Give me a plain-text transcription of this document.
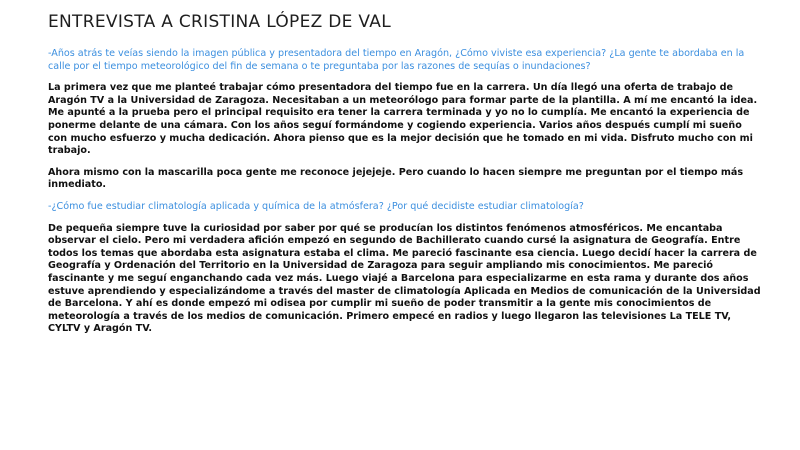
ENTREVISTA A CRISTINA LÓPEZ DE VAL

-Años atrás te veías siendo la imagen pública y presentadora del tiempo en Aragón, ¿Cómo viviste esa experiencia? ¿La gente te abordaba en la calle por el tiempo meteorológico del fin de semana o te preguntaba por las razones de sequías o inundaciones?

La primera vez que me planteé trabajar cómo presentadora del tiempo fue en la carrera. Un día llegó una oferta de trabajo de Aragón TV a la Universidad de Zaragoza. Necesitaban a un meteorólogo para formar parte de la plantilla. A mí me encantó la idea. Me apunté a la prueba pero el principal requisito era tener la carrera terminada y yo no lo cumplía. Me encantó la experiencia de ponerme delante de una cámara. Con los años seguí formándome y cogiendo experiencia. Varios años después cumplí mi sueño con mucho esfuerzo y mucha dedicación. Ahora pienso que es la mejor decisión que he tomado en mi vida. Disfruto mucho con mi trabajo.

Ahora mismo con la mascarilla poca gente me reconoce jejejeje. Pero cuando lo hacen siempre me preguntan por el tiempo más inmediato.

-¿Cómo fue estudiar climatología aplicada y química de la atmósfera? ¿Por qué decidiste estudiar climatología?

De pequeña siempre tuve la curiosidad por saber por qué se producían los distintos fenómenos atmosféricos. Me encantaba observar el cielo. Pero mi verdadera afición empezó en segundo de Bachillerato cuando cursé la asignatura de Geografía. Entre todos los temas que abordaba esta asignatura estaba el clima. Me pareció fascinante esa ciencia. Luego decidí hacer la carrera de Geografía y Ordenación del Territorio en la Universidad de Zaragoza para seguir ampliando mis conocimientos. Me pareció fascinante y me seguí enganchando cada vez más. Luego viajé a Barcelona para especializarme en esta rama y durante dos años estuve aprendiendo y especializándome a través del master de climatología Aplicada en Medios de comunicación de la Universidad de Barcelona. Y ahí es donde empezó mi odisea por cumplir mi sueño de poder transmitir a la gente mis conocimientos de meteorología a través de los medios de comunicación. Primero empecé en radios y luego llegaron las televisiones La TELE TV, CYLTV y Aragón TV.
